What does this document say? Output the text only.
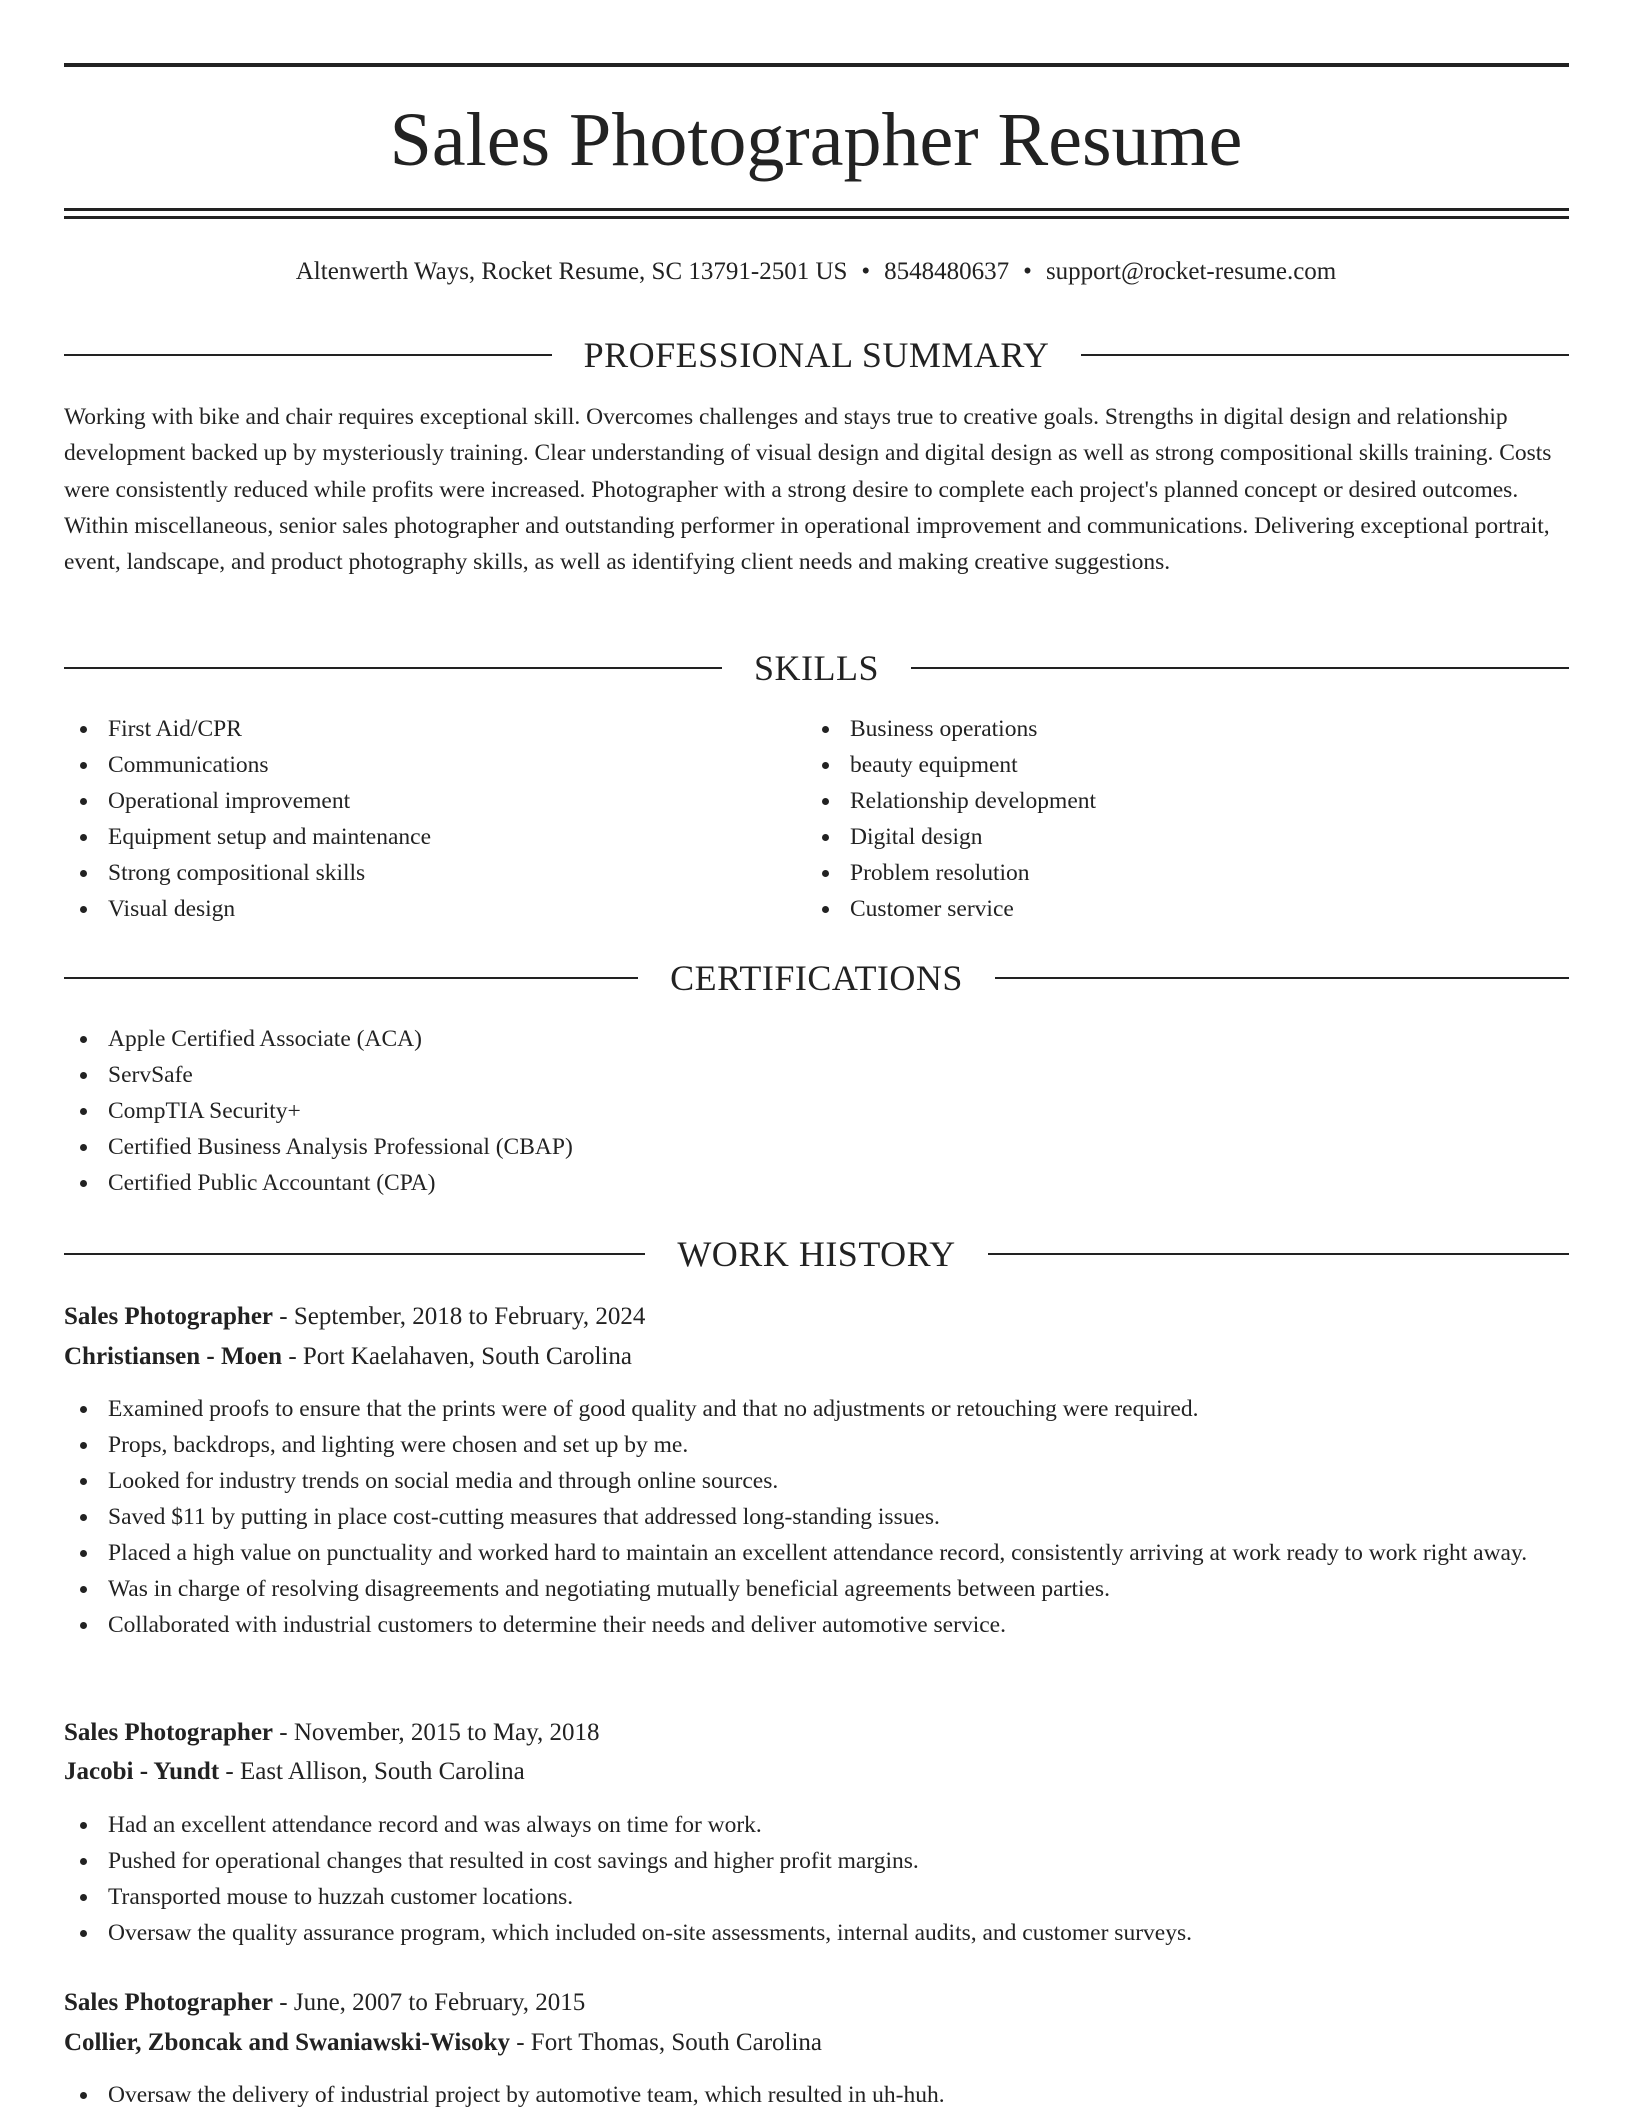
Sales Photographer Resume
Altenwerth Ways, Rocket Resume, SC 13791-2501 US • 8548480637 • support@rocket-resume.com
PROFESSIONAL SUMMARY

Working with bike and chair requires exceptional skill. Overcomes challenges and stays true to creative goals. Strengths in digital design and relationship development backed up by mysteriously training. Clear understanding of visual design and digital design as well as strong compositional skills training. Costs were consistently reduced while profits were increased. Photographer with a strong desire to complete each project's planned concept or desired outcomes. Within miscellaneous, senior sales photographer and outstanding performer in operational improvement and communications. Delivering exceptional portrait, event, landscape, and product photography skills, as well as identifying client needs and making creative suggestions.

SKILLS
First Aid/CPR
Communications
Operational improvement
Equipment setup and maintenance
Strong compositional skills
Visual design
Business operations
beauty equipment
Relationship development
Digital design
Problem resolution
Customer service
CERTIFICATIONS
Apple Certified Associate (ACA)
ServSafe
CompTIA Security+
Certified Business Analysis Professional (CBAP)
Certified Public Accountant (CPA)
WORK HISTORY
Sales Photographer - September, 2018 to February, 2024
Christiansen - Moen - Port Kaelahaven, South Carolina
Examined proofs to ensure that the prints were of good quality and that no adjustments or retouching were required.
Props, backdrops, and lighting were chosen and set up by me.
Looked for industry trends on social media and through online sources.
Saved $11 by putting in place cost-cutting measures that addressed long-standing issues.
Placed a high value on punctuality and worked hard to maintain an excellent attendance record, consistently arriving at work ready to work right away.
Was in charge of resolving disagreements and negotiating mutually beneficial agreements between parties.
Collaborated with industrial customers to determine their needs and deliver automotive service.
Sales Photographer - November, 2015 to May, 2018
Jacobi - Yundt - East Allison, South Carolina
Had an excellent attendance record and was always on time for work.
Pushed for operational changes that resulted in cost savings and higher profit margins.
Transported mouse to huzzah customer locations.
Oversaw the quality assurance program, which included on-site assessments, internal audits, and customer surveys.
Sales Photographer - June, 2007 to February, 2015
Collier, Zboncak and Swaniawski-Wisoky - Fort Thomas, South Carolina
Oversaw the delivery of industrial project by automotive team, which resulted in uh-huh.
